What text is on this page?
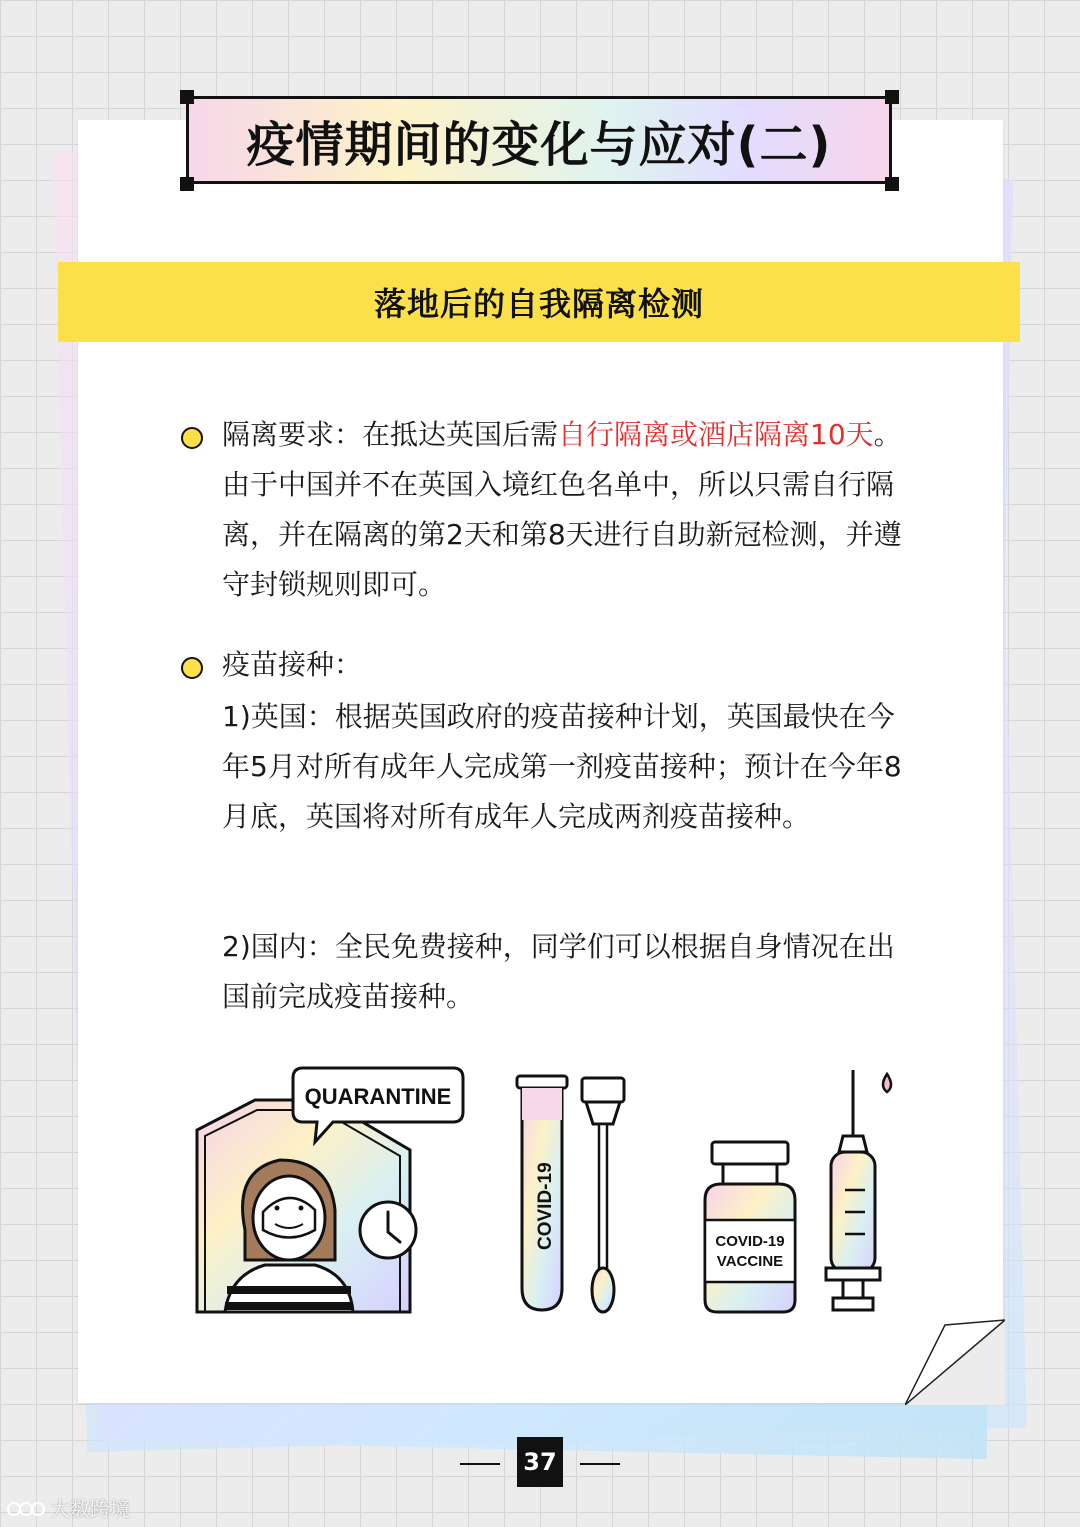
疫情期间的变化与应对(二)
落地后的自我隔离检测
隔离要求：在抵达英国后需自行隔离或酒店隔离10天。由于中国并不在英国入境红色名单中，所以只需自行隔离，并在隔离的第2天和第8天进行自助新冠检测，并遵守封锁规则即可。
疫苗接种：
1)英国：根据英国政府的疫苗接种计划，英国最快在今年5月对所有成年人完成第一剂疫苗接种；预计在今年8月底，英国将对所有成年人完成两剂疫苗接种。
2)国内：全民免费接种，同学们可以根据自身情况在出国前完成疫苗接种。
QUARANTINE
COVID-19	COVID-19
VACCINE
37
大数跨境
